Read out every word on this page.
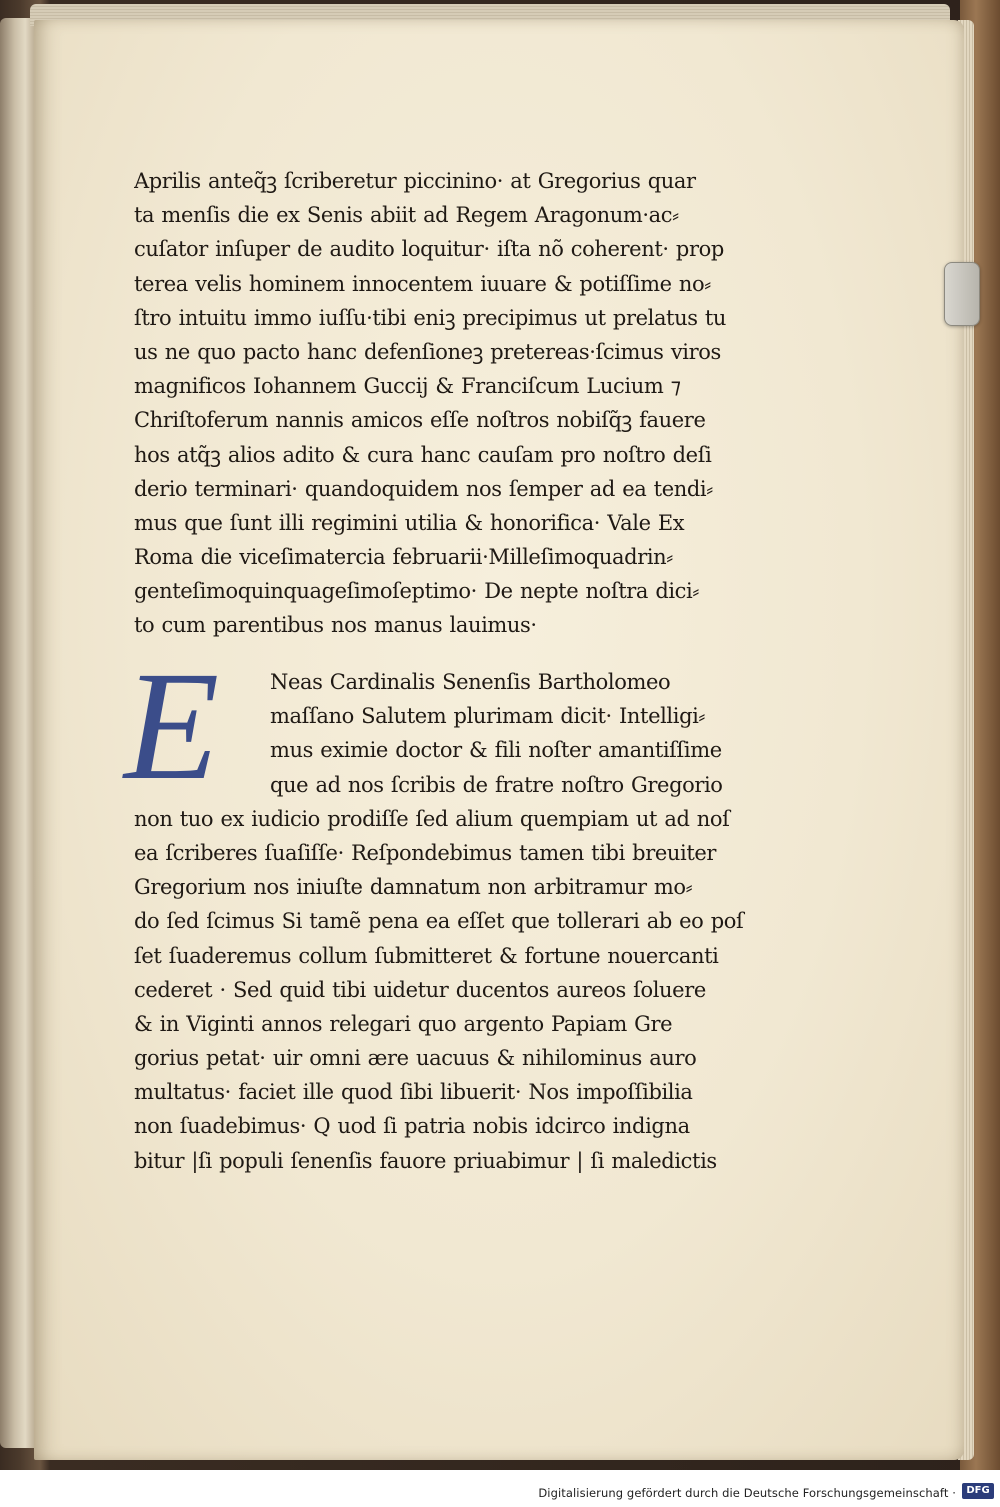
Aprilis anteq̃ꝫ ſcriberetur piccinino· at Gregorius quar
ta menſis die ex Senis abiit ad Regem Aragonum·ac⸗
cuſator inſuper de audito loquitur· iſta nõ coherent· prop
terea velis hominem innocentem iuuare & potiſſime no⸗
ſtro intuitu immo iuſſu·tibi eniꝫ precipimus ut prelatus tu
us ne quo pacto hanc defenſioneꝫ pretereas·ſcimus viros
magnificos Iohannem Guccij & Franciſcum Lucium ⁊
Chriſtoferum nannis amicos eſſe noſtros nobiſq̃ꝫ fauere
hos atq̃ꝫ alios adito & cura hanc cauſam pro noſtro deſi
derio terminari· quandoquidem nos ſemper ad ea tendi⸗
mus que ſunt illi regimini utilia & honorifica· Vale Ex
Roma die viceſimatercia februarii·Milleſimoquadrin⸗
genteſimoquinquageſimoſeptimo· De nepte noſtra dici⸗
to cum parentibus nos manus lauimus·
E	Neas Cardinalis Senenſis Bartholomeo
maſſano Salutem plurimam dicit· Intelligi⸗
mus eximie doctor & fili noſter amantiſſime
que ad nos ſcribis de fratre noſtro Gregorio
non tuo ex iudicio prodiſſe ſed alium quempiam ut ad noſ
ea ſcriberes ſuaſiſſe· Reſpondebimus tamen tibi breuiter
Gregorium nos iniuſte damnatum non arbitramur mo⸗
do ſed ſcimus Si tamẽ pena ea eſſet que tollerari ab eo poſ
ſet ſuaderemus collum ſubmitteret & fortune nouercanti
cederet · Sed quid tibi uidetur ducentos aureos ſoluere
& in Viginti annos relegari quo argento Papiam Gre
gorius petat· uir omni ære uacuus & nihilominus auro
multatus· faciet ille quod ſibi libuerit· Nos impoſſibilia
non ſuadebimus· Q uod ſi patria nobis idcirco indigna
bitur |ſi populi ſenenſis fauore priuabimur | ſi maledictis
Digitalisierung gefördert durch die Deutsche Forschungsgemeinschaft ·	DFG
